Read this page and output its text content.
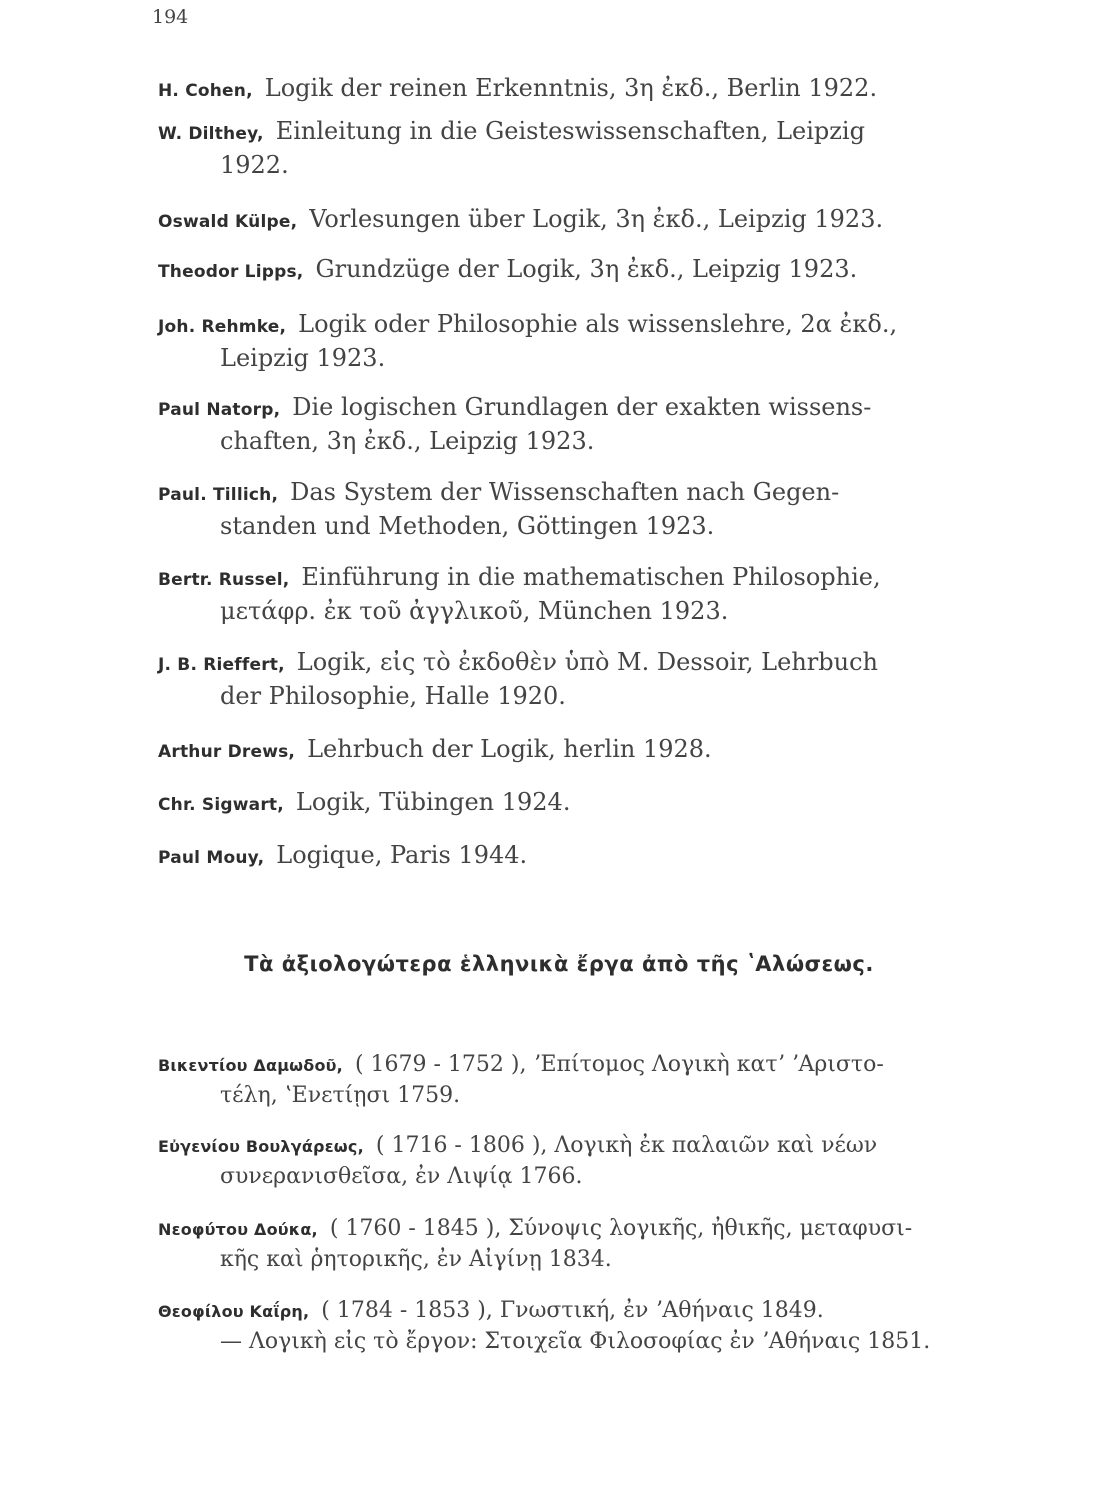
194
H. Cohen, Logik der reinen Erkenntnis, 3η ἐκδ., Berlin 1922.
W. Dilthey, Einleitung in die Geisteswissenschaften, Leipzig
1922.
Oswald Külpe, Vorlesungen über Logik, 3η ἐκδ., Leipzig 1923.
Theodor Lipps, Grundzüge der Logik, 3η ἐκδ., Leipzig 1923.
Joh. Rehmke, Logik oder Philosophie als wissenslehre, 2α ἐκδ.,
Leipzig 1923.
Paul Natorp, Die logischen Grundlagen der exakten wissens-
chaften, 3η ἐκδ., Leipzig 1923.
Paul. Tillich, Das System der Wissenschaften nach Gegen-
standen und Methoden, Göttingen 1923.
Bertr. Russel, Einführung in die mathematischen Philosophie,
μετάφρ. ἐκ τοῦ ἀγγλικοῦ, München 1923.
J. B. Rieffert, Logik, εἰς τὸ ἐκδοθὲν ὑπὸ M. Dessoir, Lehrbuch
der Philosophie, Halle 1920.
Arthur Drews, Lehrbuch der Logik, herlin 1928.
Chr. Sigwart, Logik, Tübingen 1924.
Paul Mouy, Logique, Paris 1944.
Τὰ ἀξιολογώτερα ἑλληνικὰ ἔργα ἀπὸ τῆς ʽΑλώσεως.
Βικεντίου Δαμωδοῦ, ( 1679 - 1752 ), ʼΕπίτομος Λογικὴ κατʼ ʼΑριστο-
τέλη, ʽΕνετίῃσι 1759.
Εὐγενίου Βουλγάρεως, ( 1716 - 1806 ), Λογικὴ ἐκ παλαιῶν καὶ νέων
συνερανισθεῖσα, ἐν Λιψίᾳ 1766.
Νεοφύτου Δούκα, ( 1760 - 1845 ), Σύνοψις λογικῆς, ἠθικῆς, μεταφυσι-
κῆς καὶ ῥητορικῆς, ἐν Αἰγίνῃ 1834.
Θεοφίλου Καΐρη, ( 1784 - 1853 ), Γνωστική, ἐν ʼΑθήναις 1849.
— Λογικὴ εἰς τὸ ἔργον: Στοιχεῖα Φιλοσοφίας ἐν ʼΑθήναις 1851.
